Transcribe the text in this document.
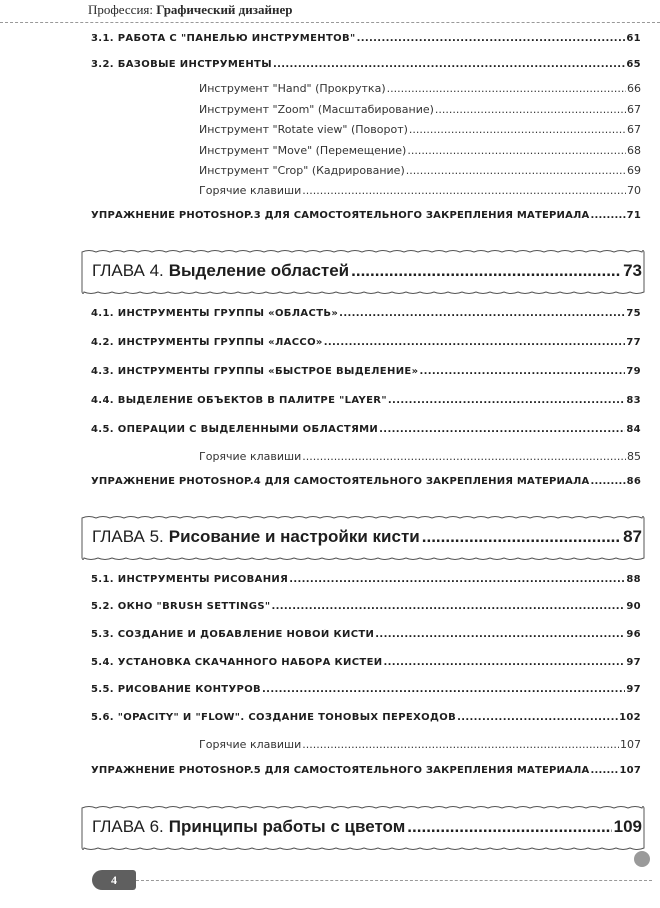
Профессия: Графический дизайнер
3.1. РАБОТА С "ПАНЕЛЬЮ ИНСТРУМЕНТОВ" .....	61
3.2. БАЗОВЫЕ ИНСТРУМЕНТЫ .....	65
Инструмент "Hand" (Прокрутка) .....	66
Инструмент "Zoom" (Масштабирование) .....	67
Инструмент "Rotate view" (Поворот) .....	67
Инструмент "Move" (Перемещение) .....	68
Инструмент "Crop" (Кадрирование) .....	69
Горячие клавиши .....	70
УПРАЖНЕНИЕ PHOTOSHOP.3 ДЛЯ САМОСТОЯТЕЛЬНОГО ЗАКРЕПЛЕНИЯ МАТЕРИАЛА .....	71
ГЛАВА 4. Выделение областей .....	73
4.1. ИНСТРУМЕНТЫ ГРУППЫ «ОБЛАСТЬ» .....	75
4.2. ИНСТРУМЕНТЫ ГРУППЫ «ЛАССО» .....	77
4.3. ИНСТРУМЕНТЫ ГРУППЫ «БЫСТРОЕ ВЫДЕЛЕНИЕ» .....	79
4.4. ВЫДЕЛЕНИЕ ОБЪЕКТОВ В ПАЛИТРЕ "LAYER" .....	83
4.5. ОПЕРАЦИИ С ВЫДЕЛЕННЫМИ ОБЛАСТЯМИ .....	84
Горячие клавиши .....	85
УПРАЖНЕНИЕ PHOTOSHOP.4 ДЛЯ САМОСТОЯТЕЛЬНОГО ЗАКРЕПЛЕНИЯ МАТЕРИАЛА .....	86
ГЛАВА 5. Рисование и настройки кисти .....	87
5.1. ИНСТРУМЕНТЫ РИСОВАНИЯ .....	88
5.2. ОКНО "BRUSH SETTINGS" .....	90
5.3. СОЗДАНИЕ И ДОБАВЛЕНИЕ НОВОЙ КИСТИ .....	96
5.4. УСТАНОВКА СКАЧАННОГО НАБОРА КИСТЕЙ .....	97
5.5. РИСОВАНИЕ КОНТУРОВ .....	97
5.6. "OPACITY" И "FLOW". СОЗДАНИЕ ТОНОВЫХ ПЕРЕХОДОВ .....	102
Горячие клавиши .....	107
УПРАЖНЕНИЕ PHOTOSHOP.5 ДЛЯ САМОСТОЯТЕЛЬНОГО ЗАКРЕПЛЕНИЯ МАТЕРИАЛА .....	107
ГЛАВА 6. Принципы работы с цветом .....	109
4
